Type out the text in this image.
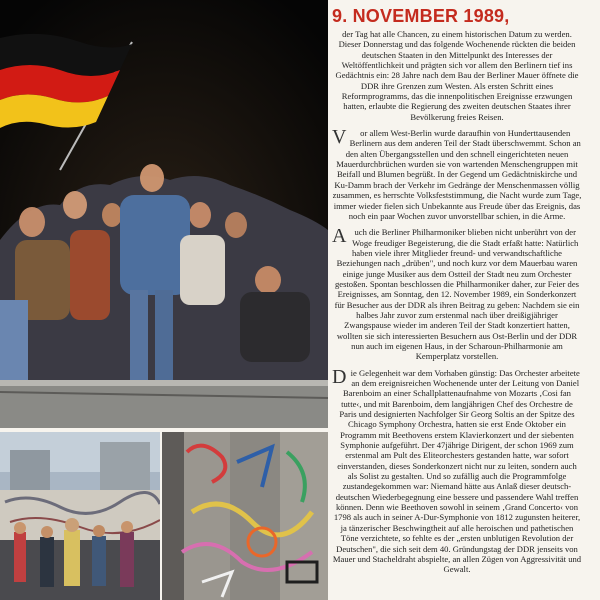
9. NOVEMBER 1989,

der Tag hat alle Chancen, zu einem historischen Datum zu werden. Dieser Donnerstag und das folgende Wochenende rückten die beiden deutschen Staaten in den Mittelpunkt des Interesses der Weltöffentlichkeit und prägten sich vor allem den Berlinern tief ins Gedächtnis ein: 28 Jahre nach dem Bau der Berliner Mauer öffnete die DDR ihre Grenzen zum Westen. Als ersten Schritt eines Reformprogramms, das die innenpolitischen Ereignisse erzwungen hatten, erlaubte die Regierung des zweiten deutschen Staates ihrer Bevölkerung freies Reisen.

V or allem West-Berlin wurde daraufhin von Hunderttausenden Berlinern aus dem anderen Teil der Stadt überschwemmt. Schon an den alten Übergangsstellen und den schnell eingerichteten neuen Mauerdurchbrüchen wurden sie von wartenden Menschengruppen mit Beifall und Blumen begrüßt. In der Gegend um Gedächtniskirche und Ku-Damm brach der Verkehr im Gedränge der Menschenmassen völlig zusammen, es herrschte Volksfeststimmung, die Nacht wurde zum Tage, immer wieder fielen sich Unbekannte aus Freude über das Ereignis, das noch ein paar Wochen zuvor unvorstellbar schien, in die Arme.

Auch die Berliner Philharmoniker blieben nicht unberührt von der Woge freudiger Begeisterung, die die Stadt erfaßt hatte: Natürlich haben viele ihrer Mitglieder freund- und verwandtschaftliche Beziehungen nach „drüben", und noch kurz vor dem Mauerbau waren einige junge Musiker aus dem Ostteil der Stadt neu zum Orchester gestoßen. Spontan beschlossen die Philharmoniker daher, zur Feier des Ereignisses, am Sonntag, den 12. November 1989, ein Sonderkonzert für Besucher aus der DDR als ihren Beitrag zu geben: Nachdem sie ein halbes Jahr zuvor zum erstenmal nach über dreißigjähriger Zwangspause wieder im anderen Teil der Stadt konzertiert hatten, wollten sie sich interessierten Besuchern aus Ost-Berlin und der DDR nun auch im eigenen Haus, in der Scharoun-Philharmonie am Kemperplatz vorstellen.

Die Gelegenheit war dem Vorhaben günstig: Das Orchester arbeitete an dem ereignisreichen Wochenende unter der Leitung von Daniel Barenboim an einer Schallplattenaufnahme von Mozarts ‚Cosi fan tutte‹, und mit Barenboim, dem langjährigen Chef des Orchestre de Paris und designierten Nachfolger Sir Georg Soltis an der Spitze des Chicago Symphony Orchestra, hatten sie erst Ende Oktober ein Programm mit Beethovens erstem Klavierkonzert und der siebenten Symphonie aufgeführt. Der 47jährige Dirigent, der schon 1969 zum erstenmal am Pult des Elitеorchesters gestanden hatte, war sofort einverstanden, dieses Sonderkonzert nicht nur zu leiten, sondern auch als Solist zu gestalten. Und so zufällig auch die Programmfolge zustandegekommen war: Niemand hätte aus Anlaß dieser deutsch-deutschen Wiederbegegnung eine bessere und passendere Wahl treffen können. Denn wie Beethoven sowohl in seinem ‚Grand Concerto‹ von 1798 als auch in seiner A-Dur-Symphonie von 1812 zugunsten heiterer, ja tänzerischer Beschwingtheit auf alle heroischen und pathetischen Töne verzichtete, so fehlte es der „ersten unblutigen Revolution der Deutschen", die sich seit dem 40. Gründungstag der DDR jenseits von Mauer und Stacheldraht abspielte, an allen Zügen von Aggressivität und Gewalt.
